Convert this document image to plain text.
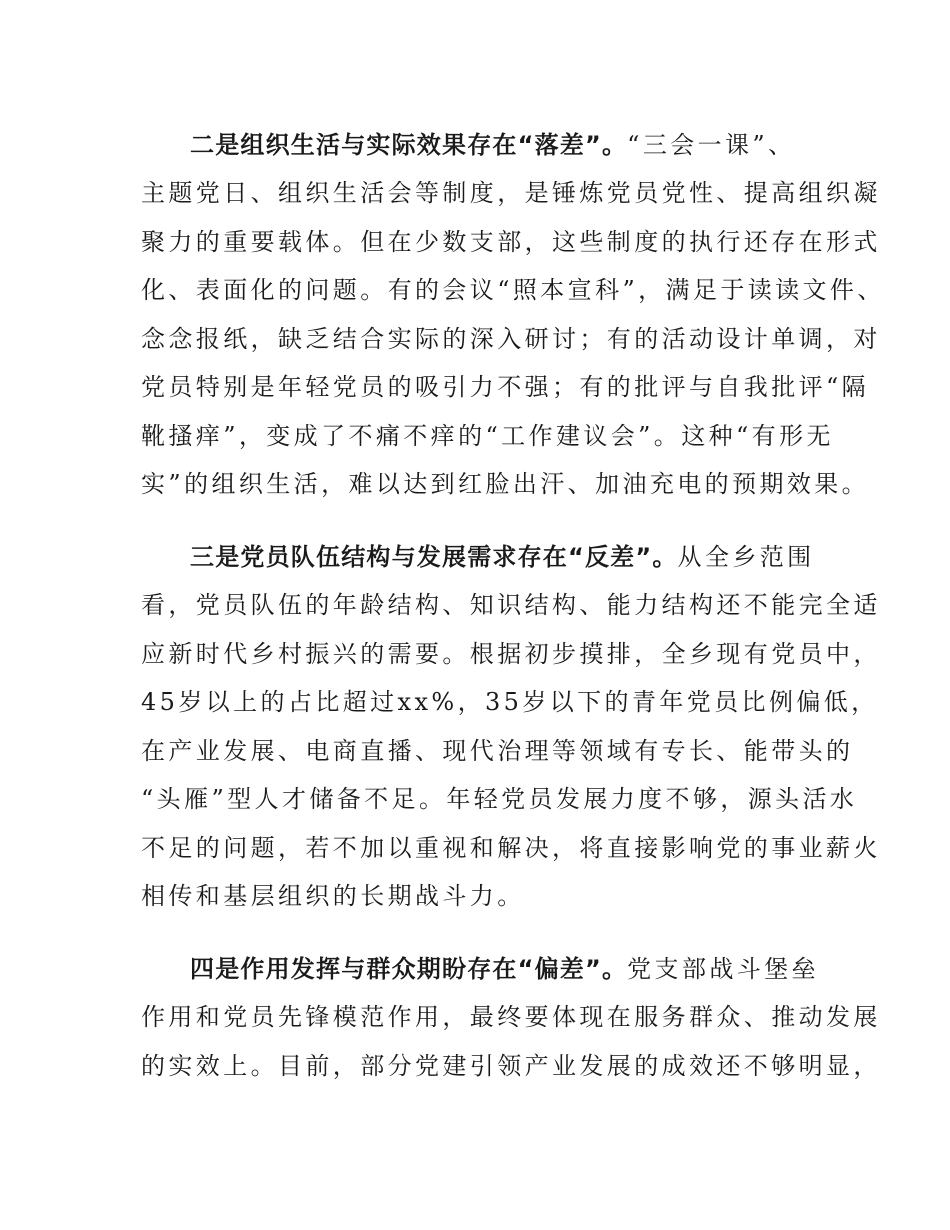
二是组织生活与实际效果存在“落差”。“三会一课”、
主题党日、组织生活会等制度，是锤炼党员党性、提高组织凝
聚力的重要载体。但在少数支部，这些制度的执行还存在形式
化、表面化的问题。有的会议“照本宣科”，满足于读读文件、
念念报纸，缺乏结合实际的深入研讨；有的活动设计单调，对
党员特别是年轻党员的吸引力不强；有的批评与自我批评“隔
靴搔痒”，变成了不痛不痒的“工作建议会”。这种“有形无
实”的组织生活，难以达到红脸出汗、加油充电的预期效果。
三是党员队伍结构与发展需求存在“反差”。从全乡范围
看，党员队伍的年龄结构、知识结构、能力结构还不能完全适
应新时代乡村振兴的需要。根据初步摸排，全乡现有党员中，
45岁以上的占比超过xx%，35岁以下的青年党员比例偏低，
在产业发展、电商直播、现代治理等领域有专长、能带头的
“头雁”型人才储备不足。年轻党员发展力度不够，源头活水
不足的问题，若不加以重视和解决，将直接影响党的事业薪火
相传和基层组织的长期战斗力。
四是作用发挥与群众期盼存在“偏差”。党支部战斗堡垒
作用和党员先锋模范作用，最终要体现在服务群众、推动发展
的实效上。目前，部分党建引领产业发展的成效还不够明显，
